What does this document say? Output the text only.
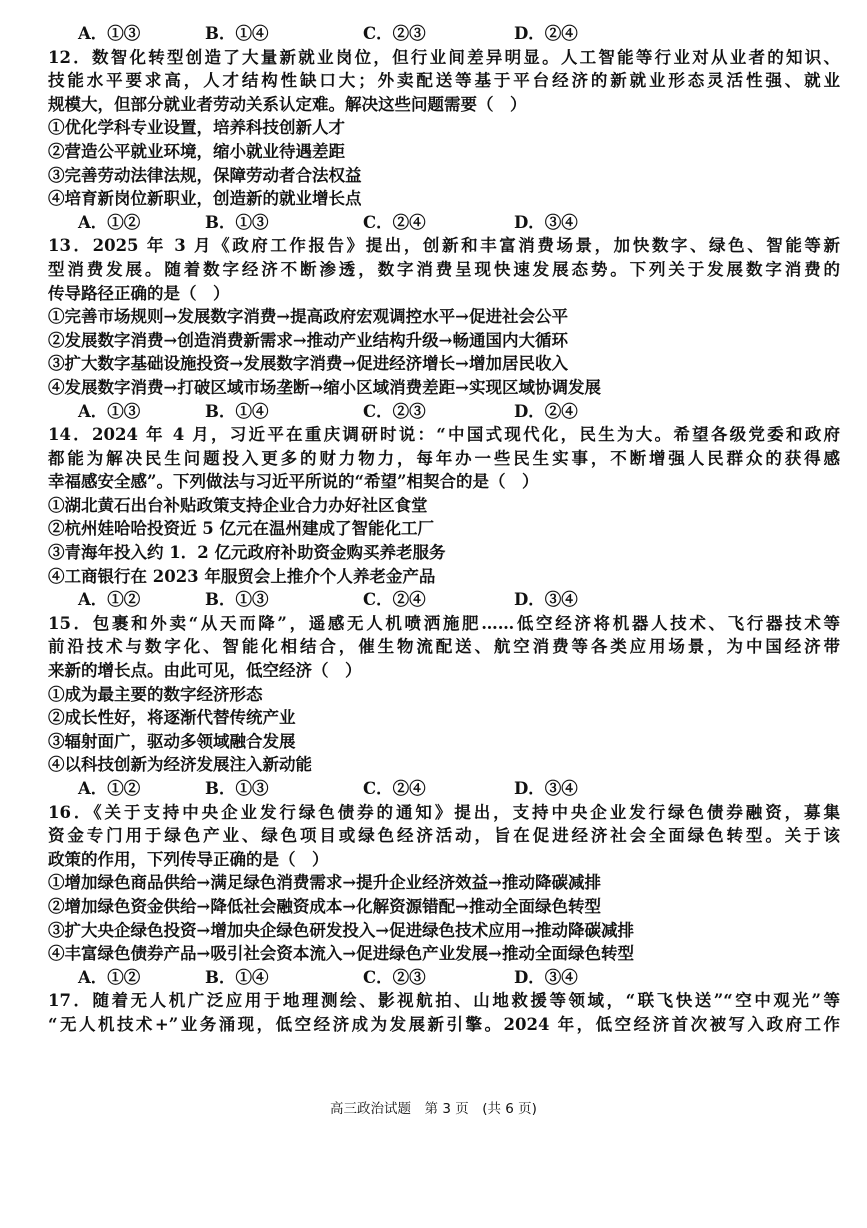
A．①③	B．①④	C．②③	D．②④
12．数智化转型创造了大量新就业岗位，但行业间差异明显。人工智能等行业对从业者的知识、
技能水平要求高，人才结构性缺口大；外卖配送等基于平台经济的新就业形态灵活性强、就业
规模大，但部分就业者劳动关系认定难。解决这些问题需要（　）
①优化学科专业设置，培养科技创新人才
②营造公平就业环境，缩小就业待遇差距
③完善劳动法律法规，保障劳动者合法权益
④培育新岗位新职业，创造新的就业增长点
A．①②	B．①③	C．②④	D．③④
13．2025 年 3 月《政府工作报告》提出，创新和丰富消费场景，加快数字、绿色、智能等新
型消费发展。随着数字经济不断渗透，数字消费呈现快速发展态势。下列关于发展数字消费的
传导路径正确的是（　）
①完善市场规则→发展数字消费→提高政府宏观调控水平→促进社会公平
②发展数字消费→创造消费新需求→推动产业结构升级→畅通国内大循环
③扩大数字基础设施投资→发展数字消费→促进经济增长→增加居民收入
④发展数字消费→打破区域市场垄断→缩小区域消费差距→实现区域协调发展
A．①③	B．①④	C．②③	D．②④
14．2024 年 4 月，习近平在重庆调研时说：“中国式现代化，民生为大。希望各级党委和政府
都能为解决民生问题投入更多的财力物力，每年办一些民生实事，不断增强人民群众的获得感
幸福感安全感”。下列做法与习近平所说的“希望”相契合的是（　）
①湖北黄石出台补贴政策支持企业合力办好社区食堂
②杭州娃哈哈投资近 5 亿元在温州建成了智能化工厂
③青海年投入约 1．2 亿元政府补助资金购买养老服务
④工商银行在 2023 年服贸会上推介个人养老金产品
A．①②	B．①③	C．②④	D．③④
15．包裹和外卖“从天而降”，遥感无人机喷洒施肥……低空经济将机器人技术、飞行器技术等
前沿技术与数字化、智能化相结合，催生物流配送、航空消费等各类应用场景，为中国经济带
来新的增长点。由此可见，低空经济（　）
①成为最主要的数字经济形态
②成长性好，将逐渐代替传统产业
③辐射面广，驱动多领域融合发展
④以科技创新为经济发展注入新动能
A．①②	B．①③	C．②④	D．③④
16．《关于支持中央企业发行绿色债券的通知》提出，支持中央企业发行绿色债券融资，募集
资金专门用于绿色产业、绿色项目或绿色经济活动，旨在促进经济社会全面绿色转型。关于该
政策的作用，下列传导正确的是（　）
①增加绿色商品供给→满足绿色消费需求→提升企业经济效益→推动降碳减排
②增加绿色资金供给→降低社会融资成本→化解资源错配→推动全面绿色转型
③扩大央企绿色投资→增加央企绿色研发投入→促进绿色技术应用→推动降碳减排
④丰富绿色债券产品→吸引社会资本流入→促进绿色产业发展→推动全面绿色转型
A．①②	B．①④	C．②③	D．③④
17．随着无人机广泛应用于地理测绘、影视航拍、山地救援等领域，“联飞快送”“空中观光”等
“无人机技术+”业务涌现，低空经济成为发展新引擎。2024 年，低空经济首次被写入政府工作
高三政治试题　第 3 页　(共 6 页)
